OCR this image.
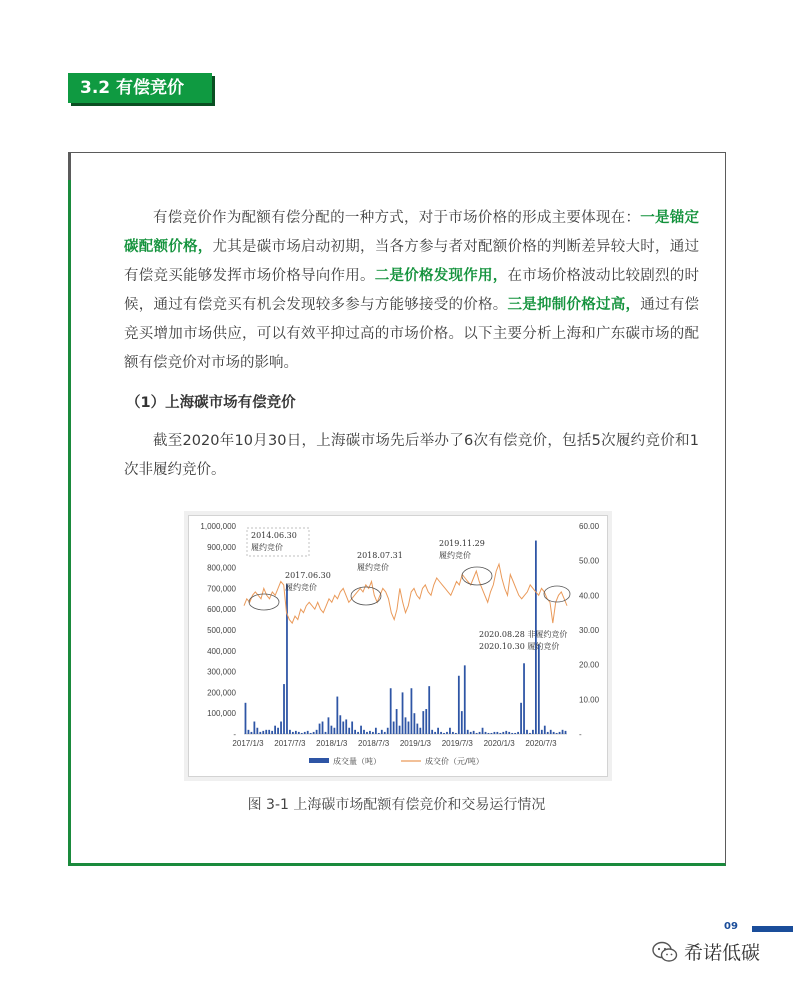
3.2 有偿竞价
有偿竞价作为配额有偿分配的一种方式，对于市场价格的形成主要体现在：一是锚定碳配额价格，尤其是碳市场启动初期，当各方参与者对配额价格的判断差异较大时，通过有偿竞买能够发挥市场价格导向作用。二是价格发现作用，在市场价格波动比较剧烈的时候，通过有偿竞买有机会发现较多参与方能够接受的价格。三是抑制价格过高，通过有偿竞买增加市场供应，可以有效平抑过高的市场价格。以下主要分析上海和广东碳市场的配额有偿竞价对市场的影响。
（1）上海碳市场有偿竞价
截至2020年10月30日，上海碳市场先后举办了6次有偿竞价，包括5次履约竞价和1次非履约竞价。
1,000,000
900,000
800,000
700,000
600,000
500,000
400,000
300,000
200,000
100,000
-
60.00
50.00
40.00
30.00
20.00
10.00
-
2017/1/3 2017/7/3 2018/1/3 2018/7/3 2019/1/3 2019/7/3 2020/1/3 2020/7/3
2014.06.30
履约竞价
2017.06.30
履约竞价
2018.07.31
履约竞价
2019.11.29
履约竞价
2020.08.28 非履约竞价
2020.10.30 履约竞价
成交量（吨）	成交价（元/吨）
图 3-1 上海碳市场配额有偿竞价和交易运行情况
09
希诺低碳
